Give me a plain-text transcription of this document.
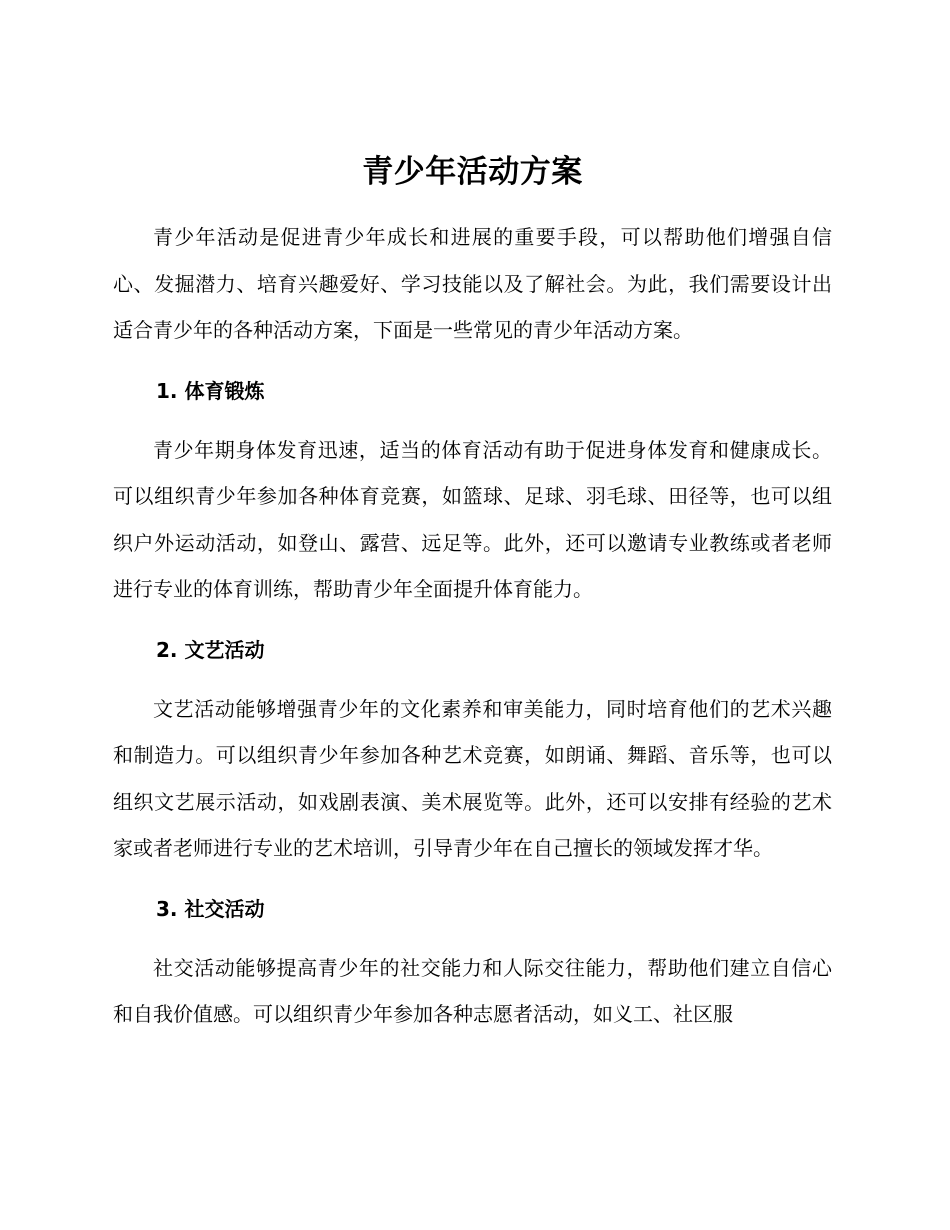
青少年活动方案

青少年活动是促进青少年成长和进展的重要手段，可以帮助他们增强自信心、发掘潜力、培育兴趣爱好、学习技能以及了解社会。为此，我们需要设计出适合青少年的各种活动方案，下面是一些常见的青少年活动方案。

1. 体育锻炼

青少年期身体发育迅速，适当的体育活动有助于促进身体发育和健康成长。可以组织青少年参加各种体育竞赛，如篮球、足球、羽毛球、田径等，也可以组织户外运动活动，如登山、露营、远足等。此外，还可以邀请专业教练或者老师进行专业的体育训练，帮助青少年全面提升体育能力。

2. 文艺活动

文艺活动能够增强青少年的文化素养和审美能力，同时培育他们的艺术兴趣和制造力。可以组织青少年参加各种艺术竞赛，如朗诵、舞蹈、音乐等，也可以组织文艺展示活动，如戏剧表演、美术展览等。此外，还可以安排有经验的艺术家或者老师进行专业的艺术培训，引导青少年在自己擅长的领域发挥才华。

3. 社交活动

社交活动能够提高青少年的社交能力和人际交往能力，帮助他们建立自信心和自我价值感。可以组织青少年参加各种志愿者活动，如义工、社区服
